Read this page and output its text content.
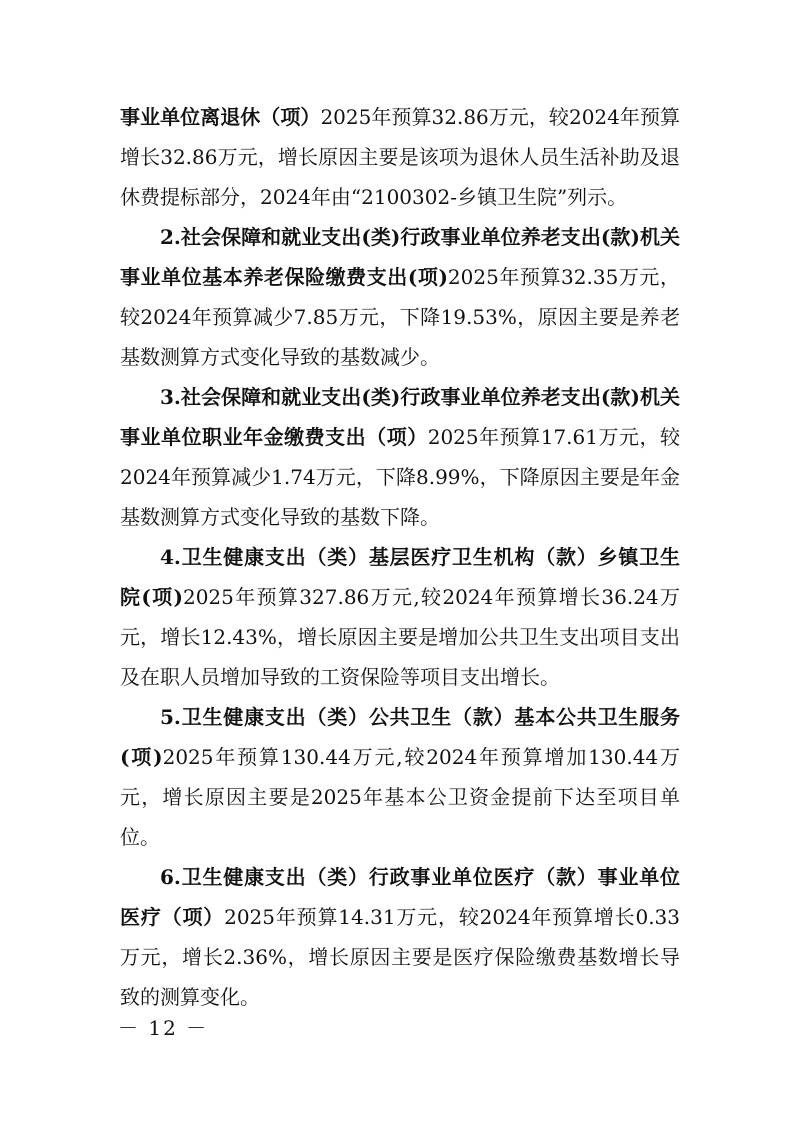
事业单位离退休（项）2025年预算32.86万元，较2024年预算增长32.86万元，增长原因主要是该项为退休人员生活补助及退休费提标部分，2024年由“2100302-乡镇卫生院”列示。

2.社会保障和就业支出(类)行政事业单位养老支出(款)机关事业单位基本养老保险缴费支出(项)2025年预算32.35万元，较2024年预算减少7.85万元，下降19.53%，原因主要是养老基数测算方式变化导致的基数减少。

3.社会保障和就业支出(类)行政事业单位养老支出(款)机关事业单位职业年金缴费支出（项）2025年预算17.61万元，较2024年预算减少1.74万元，下降8.99%，下降原因主要是年金基数测算方式变化导致的基数下降。

4.卫生健康支出（类）基层医疗卫生机构（款）乡镇卫生院(项)2025年预算327.86万元,较2024年预算增长36.24万元，增长12.43%，增长原因主要是增加公共卫生支出项目支出及在职人员增加导致的工资保险等项目支出增长。

5.卫生健康支出（类）公共卫生（款）基本公共卫生服务(项)2025年预算130.44万元,较2024年预算增加130.44万元，增长原因主要是2025年基本公卫资金提前下达至项目单位。

6.卫生健康支出（类）行政事业单位医疗（款）事业单位医疗（项）2025年预算14.31万元，较2024年预算增长0.33万元，增长2.36%，增长原因主要是医疗保险缴费基数增长导致的测算变化。

－ 12 －
